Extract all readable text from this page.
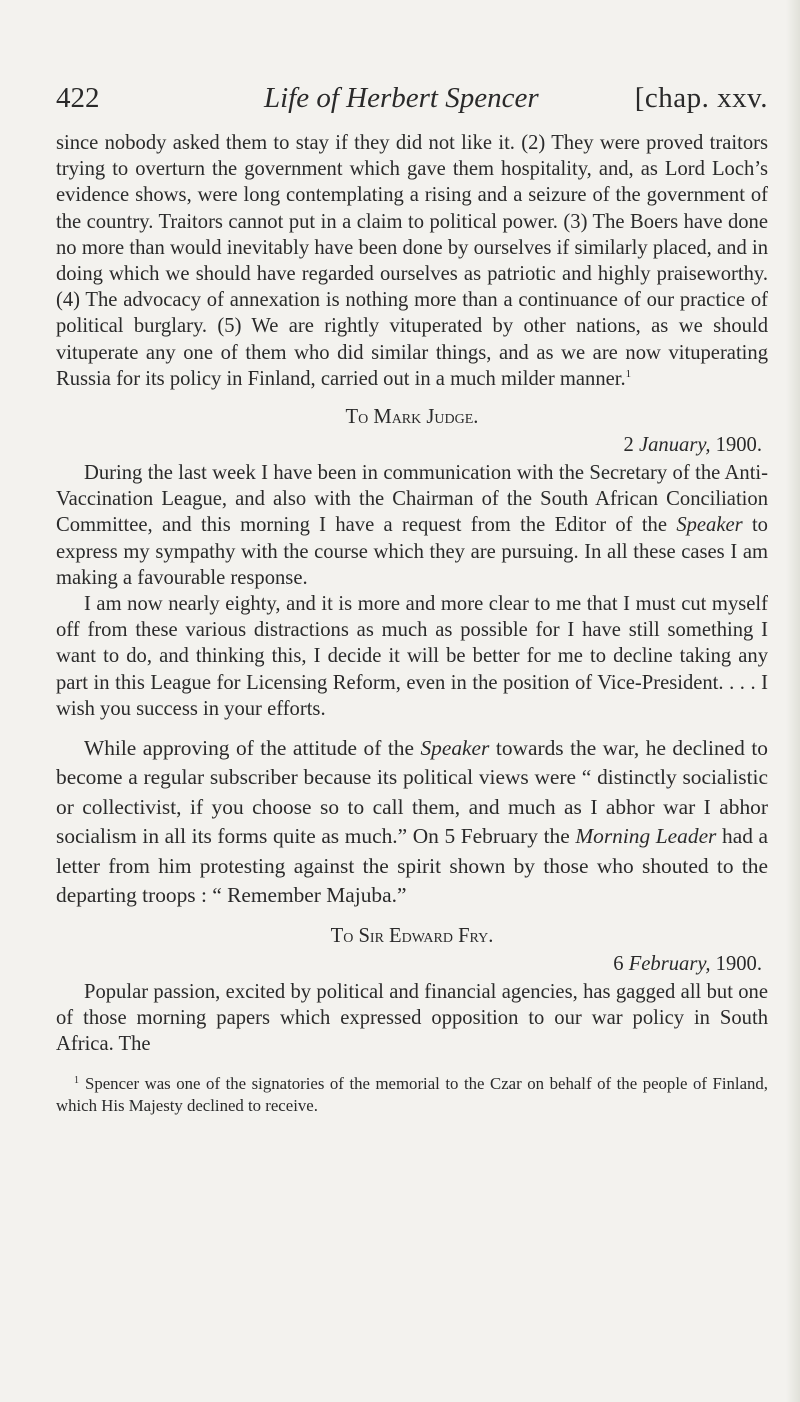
422	Life of Herbert Spencer	[chap. xxv.

since nobody asked them to stay if they did not like it. (2) They were proved traitors trying to overturn the government which gave them hospitality, and, as Lord Loch’s evidence shows, were long contemplating a rising and a seizure of the government of the country. Traitors cannot put in a claim to political power. (3) The Boers have done no more than would inevitably have been done by ourselves if similarly placed, and in doing which we should have regarded ourselves as patriotic and highly praiseworthy. (4) The advocacy of annexation is nothing more than a continuance of our practice of political burglary. (5) We are rightly vituperated by other nations, as we should vituperate any one of them who did similar things, and as we are now vituperating Russia for its policy in Finland, carried out in a much milder manner.$^1$

To Mark Judge.
2 January, 1900.

During the last week I have been in communication with the Secretary of the Anti-Vaccination League, and also with the Chairman of the South African Conciliation Committee, and this morning I have a request from the Editor of the Speaker to express my sympathy with the course which they are pursuing. In all these cases I am making a favourable response.

I am now nearly eighty, and it is more and more clear to me that I must cut myself off from these various distractions as much as possible for I have still something I want to do, and thinking this, I decide it will be better for me to decline taking any part in this League for Licensing Reform, even in the position of Vice-President. . . . I wish you success in your efforts.

While approving of the attitude of the Speaker towards the war, he declined to become a regular subscriber because its political views were “ distinctly socialistic or collectivist, if you choose so to call them, and much as I abhor war I abhor socialism in all its forms quite as much.” On 5 February the Morning Leader had a letter from him protesting against the spirit shown by those who shouted to the departing troops : “ Remember Majuba.”

To Sir Edward Fry.
6 February, 1900.

Popular passion, excited by political and financial agencies, has gagged all but one of those morning papers which expressed opposition to our war policy in South Africa. The

$^1$ Spencer was one of the signatories of the memorial to the Czar on behalf of the people of Finland, which His Majesty declined to receive.
